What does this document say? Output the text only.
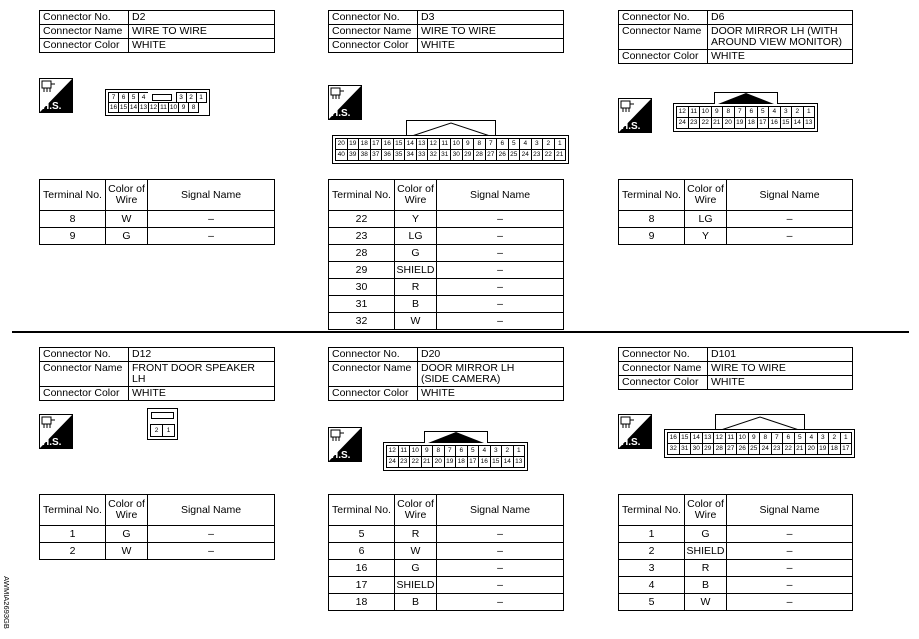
Connector No.	D2
Connector Name	WIRE TO WIRE
Connector Color	WHITE
H.S.
7 6 5 4	3 2 1
16 15 14 13 12 11 10 9 8
Terminal No.	Color of
Wire	Signal Name
8	W	–
9	G	–
Connector No.	D3
Connector Name	WIRE TO WIRE
Connector Color	WHITE
H.S.
20 19 18 17 16 15 14 13 12 11 10 9	8	7	6	5	4	3	2	1
40 39 38 37 36 35 34 33 32 31 30 29 28 27 26 25 24 23 22 21
Terminal No.	Color of
Wire	Signal Name
22	Y	–
23	LG	–
28	G	–
29	SHIELD	–
30	R	–
31	B	–
32	W	–
Connector No.	D6
Connector Name	DOOR MIRROR LH (WITH
AROUND VIEW MONITOR)
Connector Color	WHITE
H.S.
12 11 10 9	8	7	6	5	4	3	2	1
24 23 22 21 20 19 18 17 16 15 14 13
Terminal No.	Color of
Wire	Signal Name
8	LG	–
9	Y	–
Connector No.	D12
Connector Name	FRONT DOOR SPEAKER LH
Connector Color	WHITE
H.S.
2	1
Terminal No.	Color of
Wire	Signal Name
1	G	–
2	W	–
Connector No.	D20
Connector Name	DOOR MIRROR LH
(SIDE CAMERA)
Connector Color	WHITE
H.S.	12 11 10 9	8	7	6	5	4	3	2	1
24 23 22 21 20 19 18 17 16 15 14 13
Terminal No.	Color of
Wire	Signal Name
5	R	–
6	W	–
16	G	–
17	SHIELD	–
18	B	–
Connector No.	D101
Connector Name	WIRE TO WIRE
Connector Color	WHITE
H.S.	16 15 14 13 12 11 10 9	8	7	6	5	4	3	2	1
32 31 30 29 28 27 26 25 24 23 22 21 20 19 18 17
Terminal No.	Color of
Wire	Signal Name
1	G	–
2	SHIELD	–
3	R	–
4	B	–
5	W	–
AWMIA2693GB
